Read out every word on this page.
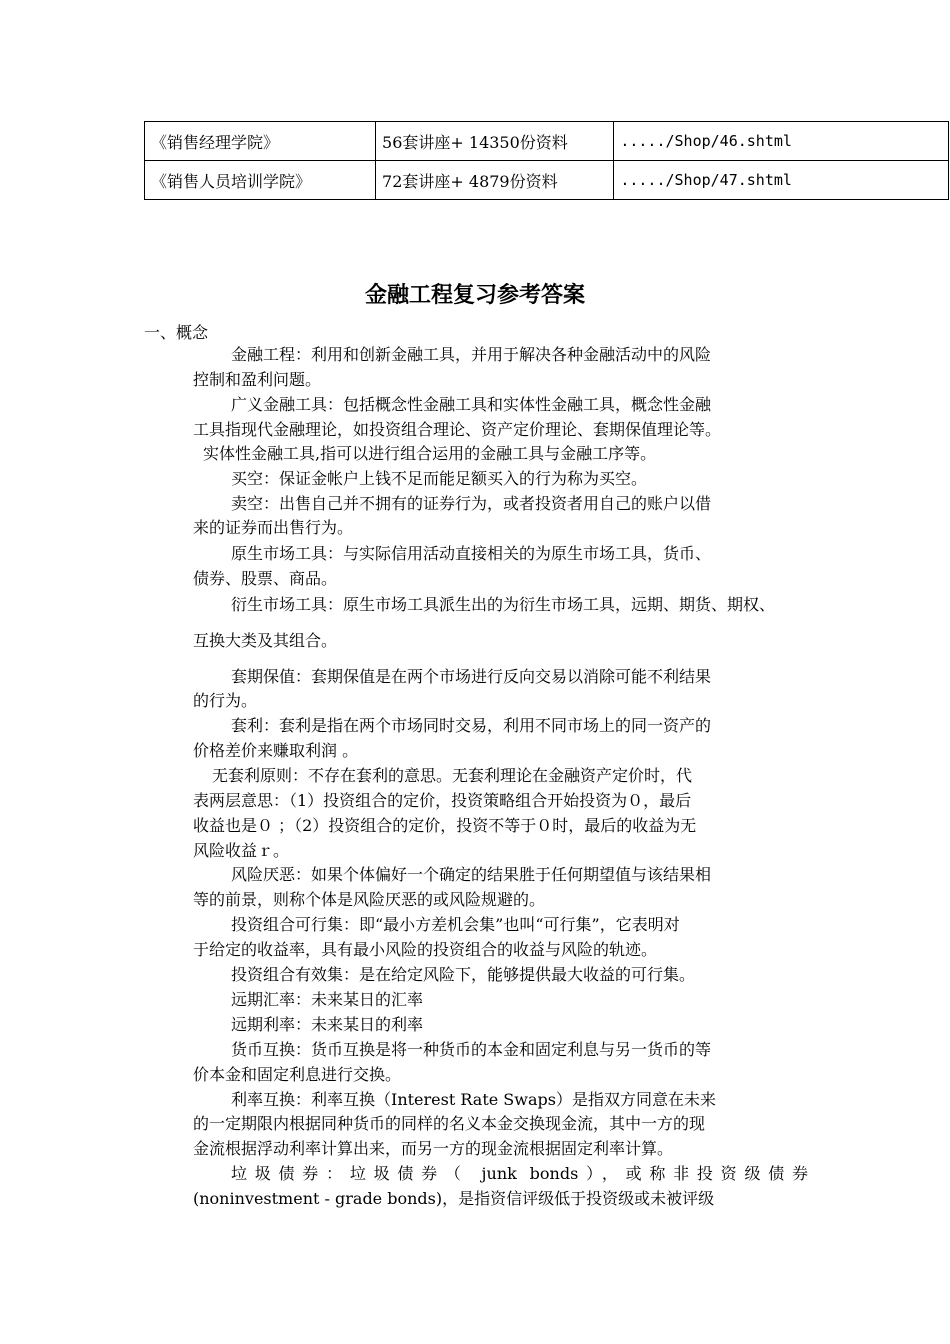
《销售经理学院》	56套讲座+ 14350份资料	...../Shop/46.shtml
《销售人员培训学院》	72套讲座+ 4879份资料	...../Shop/47.shtml
金融工程复习参考答案
一、概念
金融工程：利用和创新金融工具，并用于解决各种金融活动中的风险
控制和盈利问题。
广义金融工具：包括概念性金融工具和实体性金融工具，概念性金融
工具指现代金融理论，如投资组合理论、资产定价理论、套期保值理论等。
实体性金融工具,指可以进行组合运用的金融工具与金融工序等。
买空：保证金帐户上钱不足而能足额买入的行为称为买空。
卖空：出售自己并不拥有的证券行为，或者投资者用自己的账户以借
来的证券而出售行为。
原生市场工具：与实际信用活动直接相关的为原生市场工具，货币、
债券、股票、商品。
衍生市场工具：原生市场工具派生出的为衍生市场工具，远期、期货、期权、
互换大类及其组合。
套期保值：套期保值是在两个市场进行反向交易以消除可能不利结果
的行为。
套利：套利是指在两个市场同时交易，利用不同市场上的同一资产的
价格差价来赚取利润 。
无套利原则：不存在套利的意思。无套利理论在金融资产定价时，代
表两层意思：（1）投资组合的定价，投资策略组合开始投资为０，最后
收益也是０ ；（2）投资组合的定价，投资不等于０时，最后的收益为无
风险收益ｒ。
风险厌恶：如果个体偏好一个确定的结果胜于任何期望值与该结果相
等的前景，则称个体是风险厌恶的或风险规避的。
投资组合可行集：即“最小方差机会集”也叫“可行集”，它表明对
于给定的收益率，具有最小风险的投资组合的收益与风险的轨迹。
投资组合有效集：是在给定风险下，能够提供最大收益的可行集。
远期汇率：未来某日的汇率
远期利率：未来某日的利率
货币互换：货币互换是将一种货币的本金和固定利息与另一货币的等
价本金和固定利息进行交换。
利率互换：利率互换（Interest Rate Swaps）是指双方同意在未来
的一定期限内根据同种货币的同样的名义本金交换现金流，其中一方的现
金流根据浮动利率计算出来，而另一方的现金流根据固定利率计算。
垃圾债券：垃圾债券（ junk bonds），或称非投资级债券
(noninvestment - grade bonds)，是指资信评级低于投资级或未被评级
